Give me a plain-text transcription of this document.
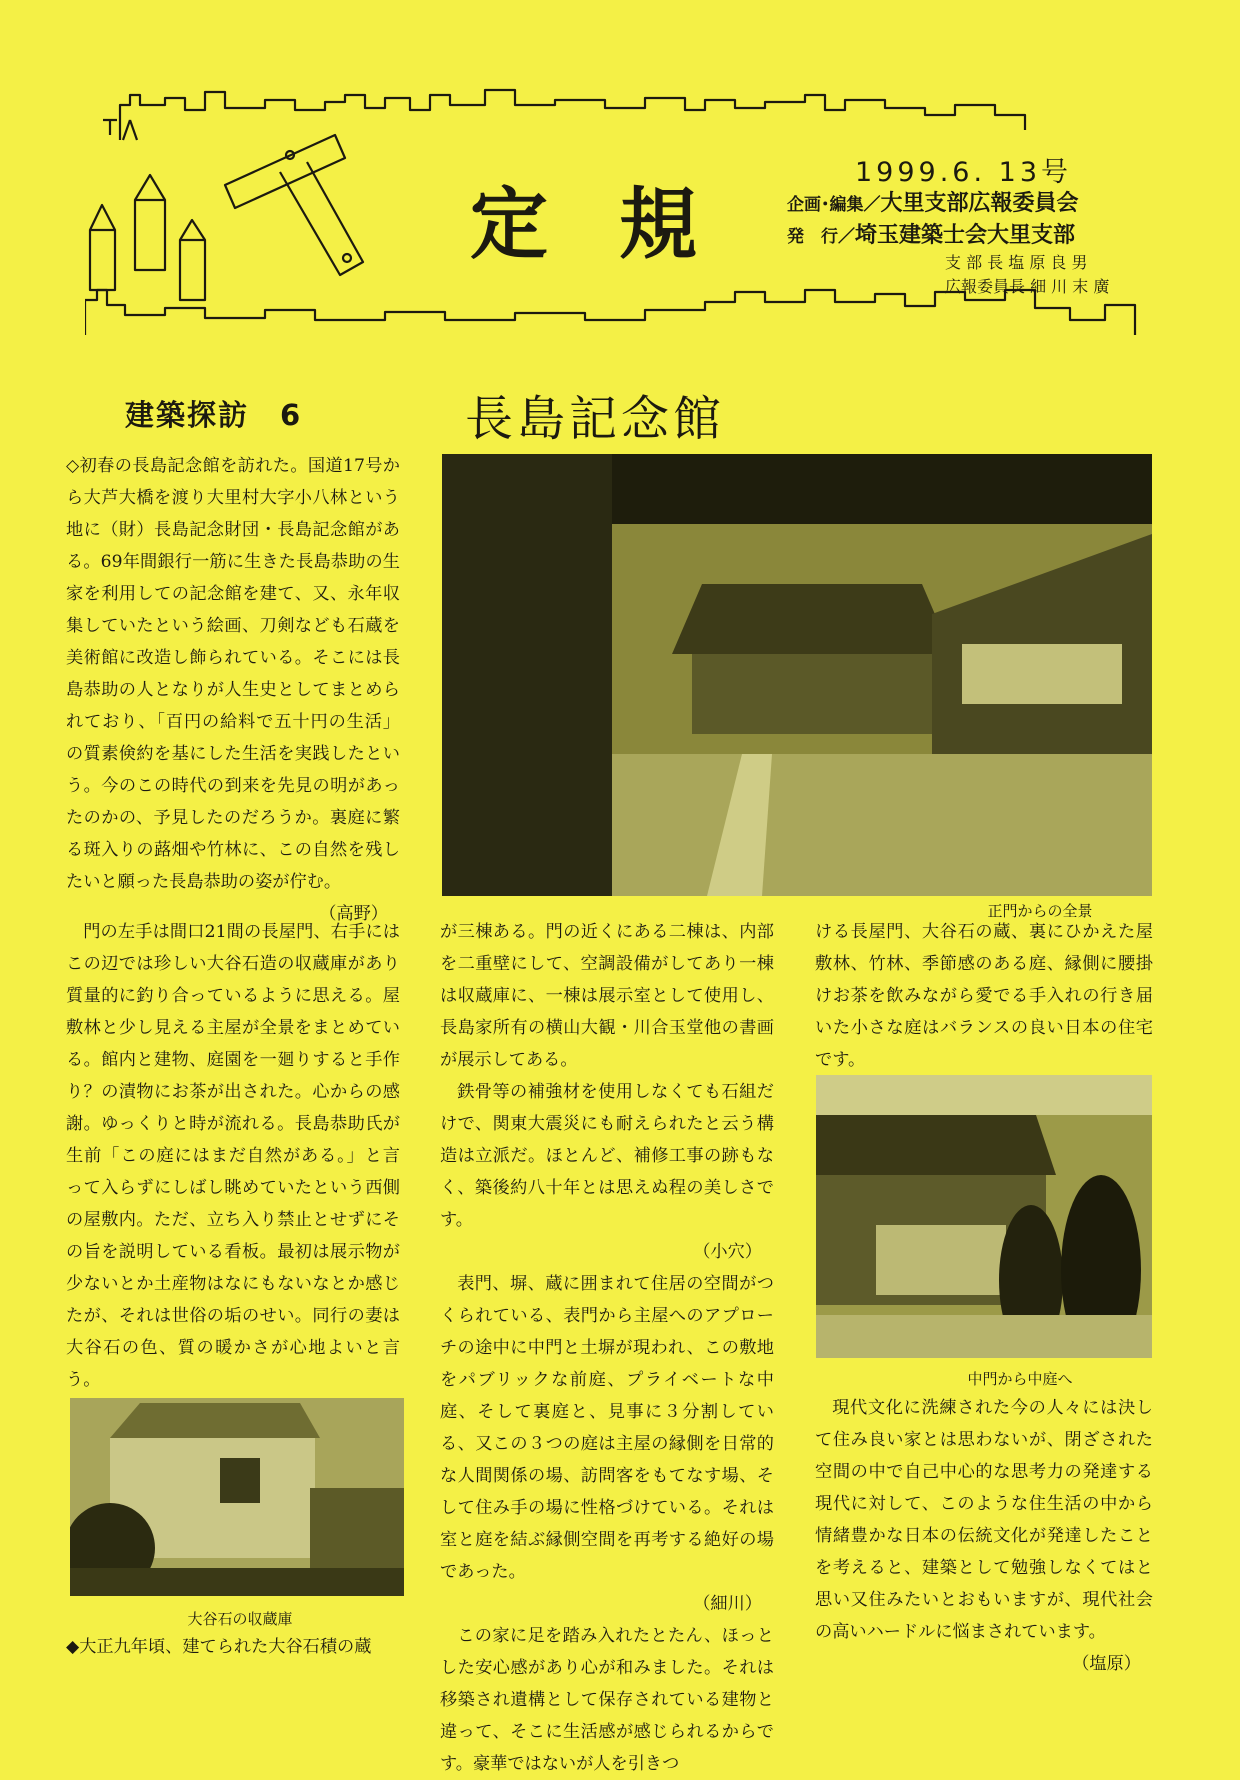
定 規
1999.6. 13号
企画･編集／大里支部広報委員会
発　行／埼玉建築士会大里支部
支 部 長 塩 原 良 男
広報委員長 細 川 末 廣
建築探訪　6	長島記念館

◇初春の長島記念館を訪れた。国道17号から大芦大橋を渡り大里村大字小八林という地に（財）長島記念財団・長島記念館がある。69年間銀行一筋に生きた長島恭助の生家を利用しての記念館を建て、又、永年収集していたという絵画、刀剣なども石蔵を美術館に改造し飾られている。そこには長島恭助の人となりが人生史としてまとめられており、「百円の給料で五十円の生活」の質素倹約を基にした生活を実践したという。今のこの時代の到来を先見の明があったのかの、予見したのだろうか。裏庭に繁る斑入りの蕗畑や竹林に、この自然を残したいと願った長島恭助の姿が佇む。

（高野）	正門からの全景

門の左手は間口21間の長屋門、右手にはこの辺では珍しい大谷石造の収蔵庫があり質量的に釣り合っているように思える。屋敷林と少し見える主屋が全景をまとめている。館内と建物、庭園を一廻りすると手作り？の漬物にお茶が出された。心からの感謝。ゆっくりと時が流れる。長島恭助氏が生前「この庭にはまだ自然がある。」と言って入らずにしばし眺めていたという西側の屋敷内。ただ、立ち入り禁止とせずにその旨を説明している看板。最初は展示物が少ないとか土産物はなにもないなとか感じたが、それは世俗の垢のせい。同行の妻は大谷石の色、質の暖かさが心地よいと言う。

が三棟ある。門の近くにある二棟は、内部を二重壁にして、空調設備がしてあり一棟は収蔵庫に、一棟は展示室として使用し、長島家所有の横山大観・川合玉堂他の書画が展示してある。

鉄骨等の補強材を使用しなくても石組だけで、関東大震災にも耐えられたと云う構造は立派だ。ほとんど、補修工事の跡もなく、築後約八十年とは思えぬ程の美しさです。

（小穴）

表門、塀、蔵に囲まれて住居の空間がつくられている、表門から主屋へのアプローチの途中に中門と土塀が現われ、この敷地をパブリックな前庭、プライベートな中庭、そして裏庭と、見事に３分割している、又この３つの庭は主屋の縁側を日常的な人間関係の場、訪問客をもてなす場、そして住み手の場に性格づけている。それは室と庭を結ぶ縁側空間を再考する絶好の場であった。

（細川）

この家に足を踏み入れたとたん、ほっとした安心感があり心が和みました。それは移築され遺構として保存されている建物と違って、そこに生活感が感じられるからです。豪華ではないが人を引きつ

ける長屋門、大谷石の蔵、裏にひかえた屋敷林、竹林、季節感のある庭、縁側に腰掛けお茶を飲みながら愛でる手入れの行き届いた小さな庭はバランスの良い日本の住宅です。

中門から中庭へ

現代文化に洗練された今の人々には決して住み良い家とは思わないが、閉ざされた空間の中で自己中心的な思考力の発達する現代に対して、このような住生活の中から情緒豊かな日本の伝統文化が発達したことを考えると、建築として勉強しなくてはと思い又住みたいとおもいますが、現代社会の高いハードルに悩まされています。

（塩原）

大谷石の収蔵庫
◆大正九年頃、建てられた大谷石積の蔵
